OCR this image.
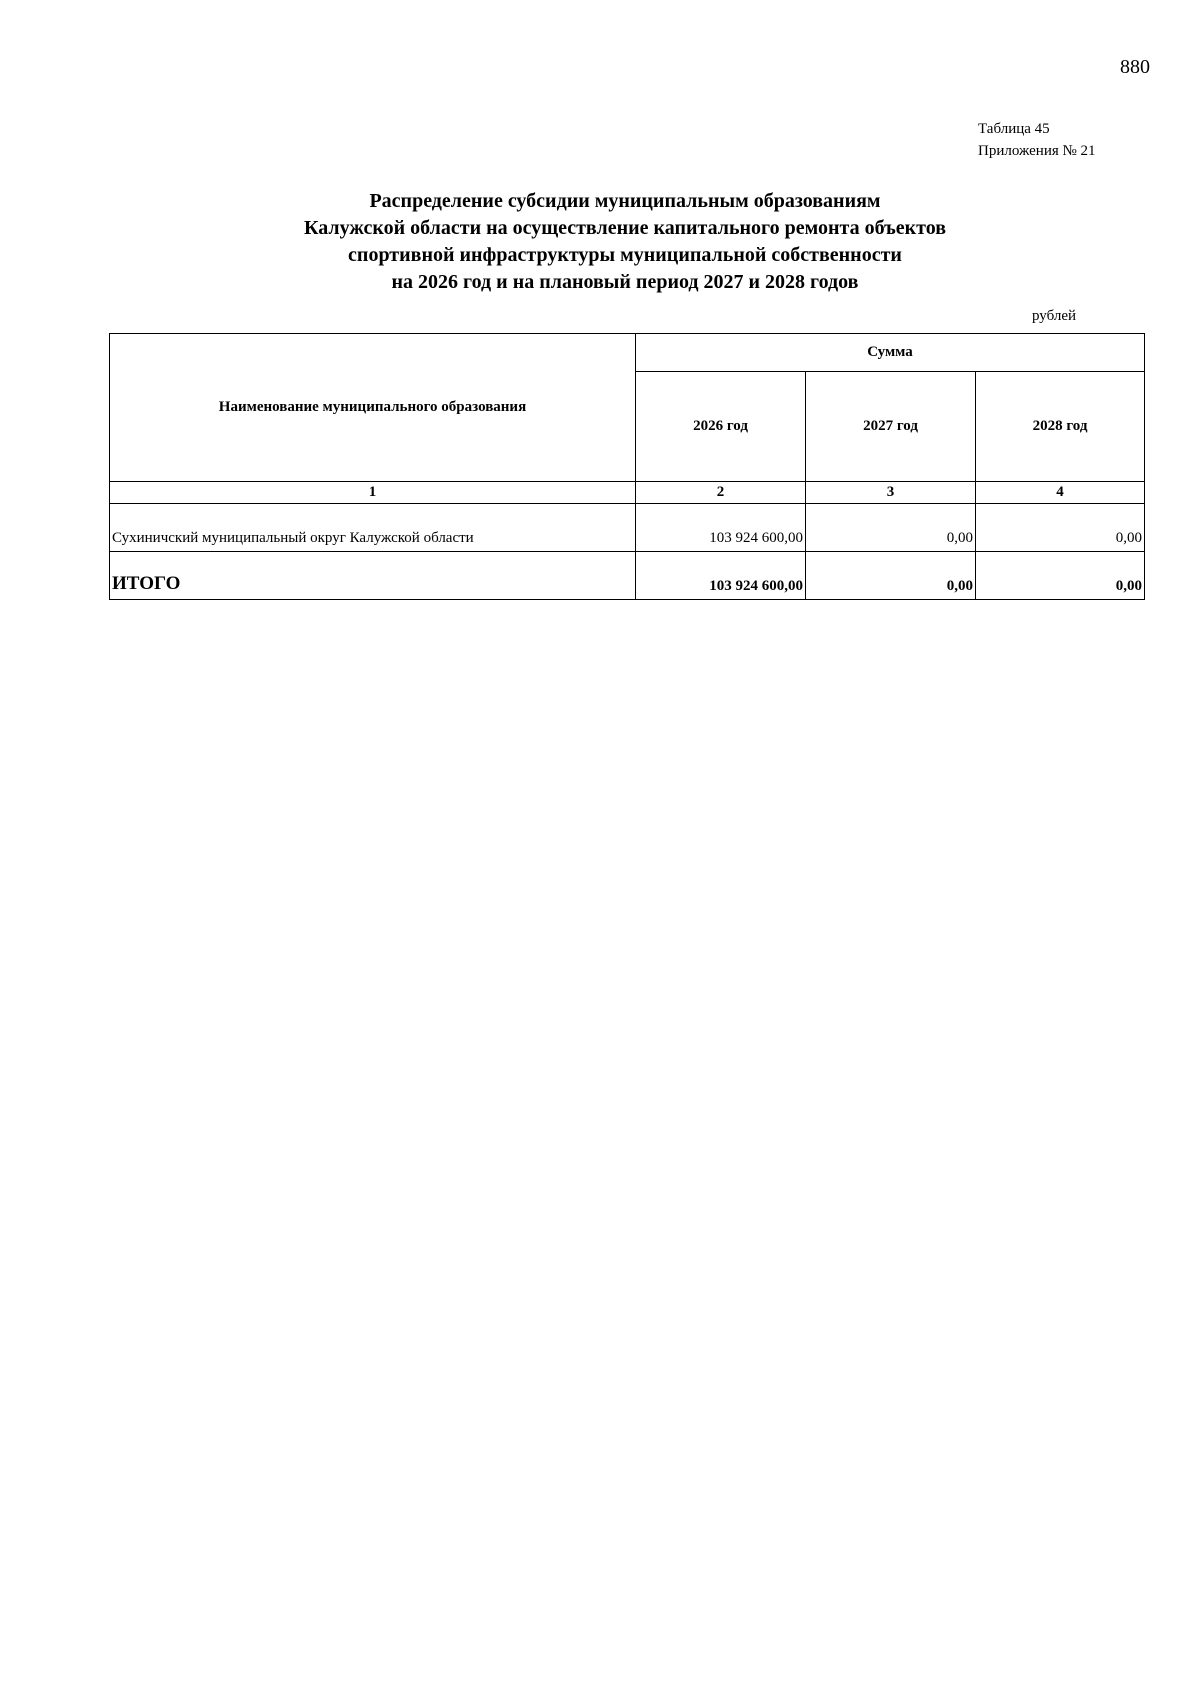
880
Таблица 45
Приложения № 21
Распределение субсидии муниципальным образованиям
Калужской области на осуществление капитального ремонта объектов
спортивной инфраструктуры муниципальной собственности
на 2026 год и на плановый период 2027 и 2028 годов
рублей
Наименование муниципального образования	Сумма		
	2026 год	2027 год	2028 год
1	2	3	4
Сухиничский муниципальный округ Калужской области	103 924 600,00	0,00	0,00
ИТОГО	103 924 600,00	0,00	0,00
